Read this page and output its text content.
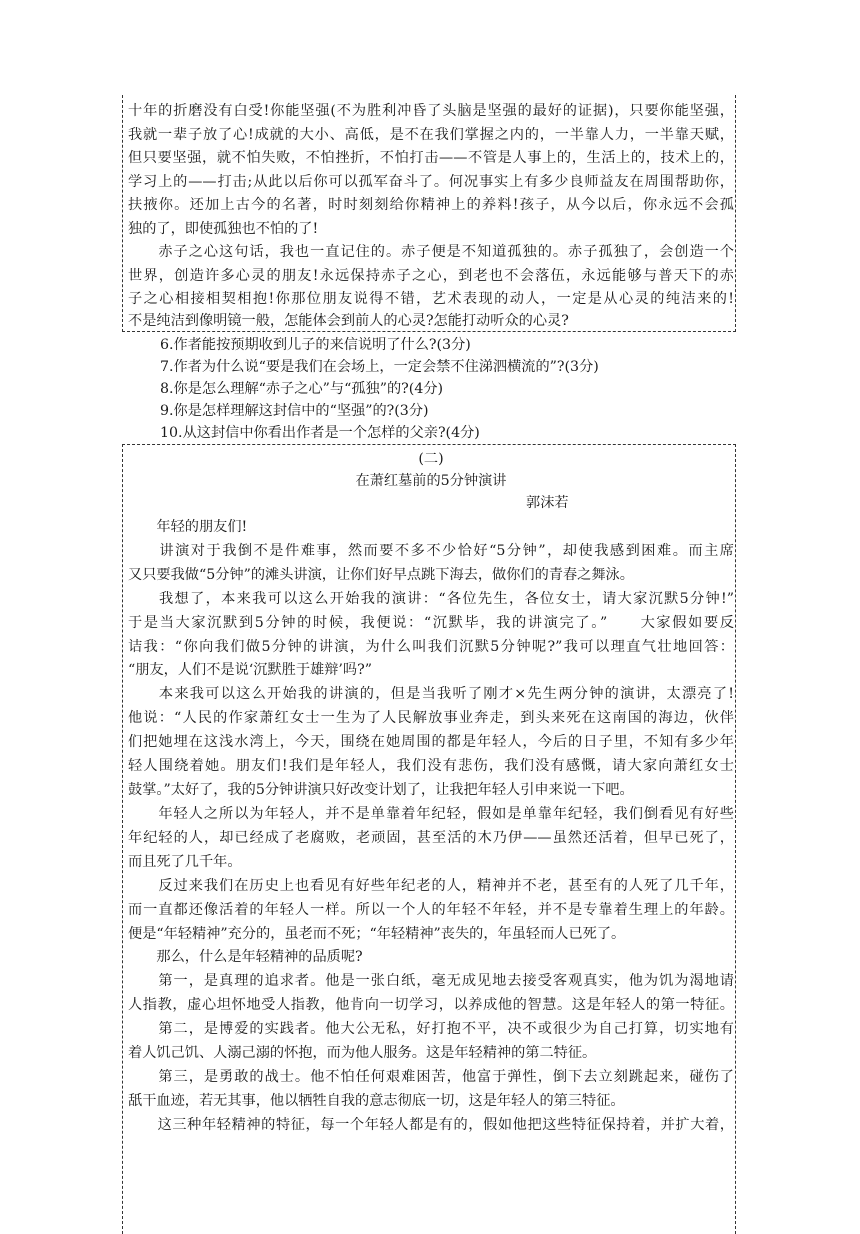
十年的折磨没有白受!你能坚强(不为胜利冲昏了头脑是坚强的最好的证据)，只要你能坚强，

我就一辈子放了心!成就的大小、高低，是不在我们掌握之内的，一半靠人力，一半靠天赋，

但只要坚强，就不怕失败，不怕挫折，不怕打击——不管是人事上的，生活上的，技术上的，

学习上的——打击;从此以后你可以孤军奋斗了。何况事实上有多少良师益友在周围帮助你，

扶掖你。还加上古今的名著，时时刻刻给你精神上的养料!孩子，从今以后，你永远不会孤

独的了，即使孤独也不怕的了!

　　赤子之心这句话，我也一直记住的。赤子便是不知道孤独的。赤子孤独了，会创造一个

世界，创造许多心灵的朋友!永远保持赤子之心，到老也不会落伍，永远能够与普天下的赤

子之心相接相契相抱!你那位朋友说得不错，艺术表现的动人，一定是从心灵的纯洁来的!

不是纯洁到像明镜一般，怎能体会到前人的心灵?怎能打动听众的心灵?

6.作者能按预期收到儿子的来信说明了什么?(3分)

7.作者为什么说“要是我们在会场上，一定会禁不住涕泗横流的”?(3分)

8.你是怎么理解“赤子之心”与“孤独”的?(4分)

9.你是怎样理解这封信中的“坚强”的?(3分)

10.从这封信中你看出作者是一个怎样的父亲?(4分)

(二)

在萧红墓前的5分钟演讲

郭沫若

　　年轻的朋友们!

　　讲演对于我倒不是件难事，然而要不多不少恰好“5分钟”，却使我感到困难。而主席

又只要我做“5分钟”的滩头讲演，让你们好早点跳下海去，做你们的青春之舞泳。

　　我想了，本来我可以这么开始我的演讲：“各位先生，各位女士，请大家沉默5分钟!”

于是当大家沉默到5分钟的时候，我便说：“沉默毕，我的讲演完了。”　　大家假如要反

诘我：“你向我们做5分钟的讲演，为什么叫我们沉默5分钟呢?”我可以理直气壮地回答：

“朋友，人们不是说‘沉默胜于雄辩’吗?”

　　本来我可以这么开始我的讲演的，但是当我听了刚才×先生两分钟的演讲，太漂亮了!

他说：“人民的作家萧红女士一生为了人民解放事业奔走，到头来死在这南国的海边，伙伴

们把她埋在这浅水湾上，今天，围绕在她周围的都是年轻人，今后的日子里，不知有多少年

轻人围绕着她。朋友们!我们是年轻人，我们没有悲伤，我们没有感慨，请大家向萧红女士

鼓掌。”太好了，我的5分钟讲演只好改变计划了，让我把年轻人引申来说一下吧。

　　年轻人之所以为年轻人，并不是单靠着年纪轻，假如是单靠年纪轻，我们倒看见有好些

年纪轻的人，却已经成了老腐败，老顽固，甚至活的木乃伊——虽然还活着，但早已死了，

而且死了几千年。

　　反过来我们在历史上也看见有好些年纪老的人，精神并不老，甚至有的人死了几千年，

而一直都还像活着的年轻人一样。所以一个人的年轻不年轻，并不是专靠着生理上的年龄。

便是“年轻精神”充分的，虽老而不死；“年轻精神”丧失的，年虽轻而人已死了。

　　那么，什么是年轻精神的品质呢?

　　第一，是真理的追求者。他是一张白纸，毫无成见地去接受客观真实，他为饥为渴地请

人指教，虚心坦怀地受人指教，他肯向一切学习，以养成他的智慧。这是年轻人的第一特征。

　　第二，是博爱的实践者。他大公无私，好打抱不平，决不或很少为自己打算，切实地有

着人饥己饥、人溺己溺的怀抱，而为他人服务。这是年轻精神的第二特征。

　　第三，是勇敢的战士。他不怕任何艰难困苦，他富于弹性，倒下去立刻跳起来，碰伤了

舐干血迹，若无其事，他以牺牲自我的意志彻底一切，这是年轻人的第三特征。

　　这三种年轻精神的特征，每一个年轻人都是有的，假如他把这些特征保持着，并扩大着，
